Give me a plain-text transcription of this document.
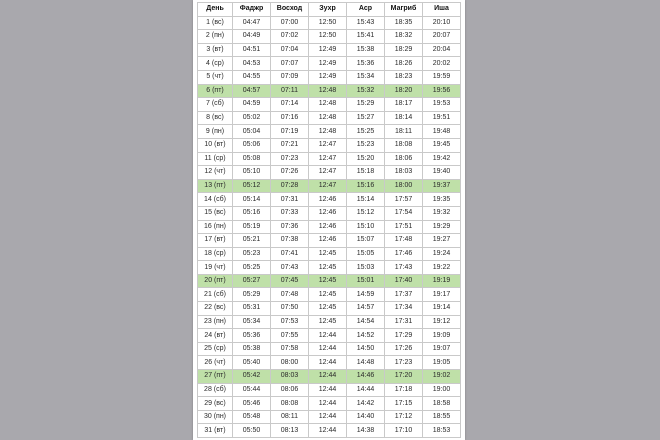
День	Фаджр	Восход	Зухр	Аср	Магриб	Иша
1 (вс)	04:47	07:00	12:50	15:43	18:35	20:10
2 (пн)	04:49	07:02	12:50	15:41	18:32	20:07
3 (вт)	04:51	07:04	12:49	15:38	18:29	20:04
4 (ср)	04:53	07:07	12:49	15:36	18:26	20:02
5 (чт)	04:55	07:09	12:49	15:34	18:23	19:59
6 (пт)	04:57	07:11	12:48	15:32	18:20	19:56
7 (сб)	04:59	07:14	12:48	15:29	18:17	19:53
8 (вс)	05:02	07:16	12:48	15:27	18:14	19:51
9 (пн)	05:04	07:19	12:48	15:25	18:11	19:48
10 (вт)	05:06	07:21	12:47	15:23	18:08	19:45
11 (ср)	05:08	07:23	12:47	15:20	18:06	19:42
12 (чт)	05:10	07:26	12:47	15:18	18:03	19:40
13 (пт)	05:12	07:28	12:47	15:16	18:00	19:37
14 (сб)	05:14	07:31	12:46	15:14	17:57	19:35
15 (вс)	05:16	07:33	12:46	15:12	17:54	19:32
16 (пн)	05:19	07:36	12:46	15:10	17:51	19:29
17 (вт)	05:21	07:38	12:46	15:07	17:48	19:27
18 (ср)	05:23	07:41	12:45	15:05	17:46	19:24
19 (чт)	05:25	07:43	12:45	15:03	17:43	19:22
20 (пт)	05:27	07:45	12:45	15:01	17:40	19:19
21 (сб)	05:29	07:48	12:45	14:59	17:37	19:17
22 (вс)	05:31	07:50	12:45	14:57	17:34	19:14
23 (пн)	05:34	07:53	12:45	14:54	17:31	19:12
24 (вт)	05:36	07:55	12:44	14:52	17:29	19:09
25 (ср)	05:38	07:58	12:44	14:50	17:26	19:07
26 (чт)	05:40	08:00	12:44	14:48	17:23	19:05
27 (пт)	05:42	08:03	12:44	14:46	17:20	19:02
28 (сб)	05:44	08:06	12:44	14:44	17:18	19:00
29 (вс)	05:46	08:08	12:44	14:42	17:15	18:58
30 (пн)	05:48	08:11	12:44	14:40	17:12	18:55
31 (вт)	05:50	08:13	12:44	14:38	17:10	18:53
